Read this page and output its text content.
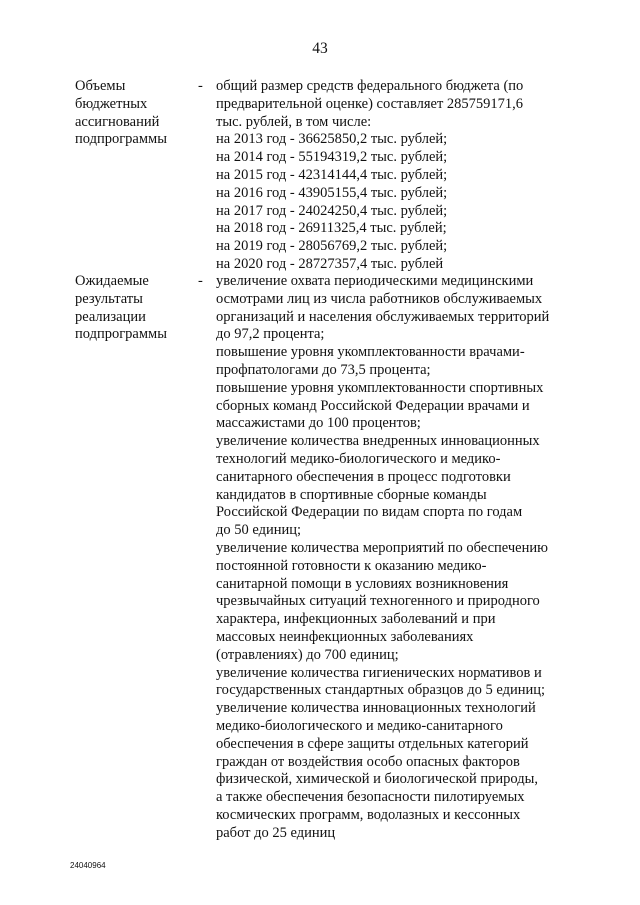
43
Объемы
бюджетных
ассигнований
подпрограммы
- общий размер средств федерального бюджета (по
предварительной оценке) составляет 285759171,6
тыс. рублей, в том числе:
на 2013 год - 36625850,2 тыс. рублей;
на 2014 год - 55194319,2 тыс. рублей;
на 2015 год - 42314144,4 тыс. рублей;
на 2016 год - 43905155,4 тыс. рублей;
на 2017 год - 24024250,4 тыс. рублей;
на 2018 год - 26911325,4 тыс. рублей;
на 2019 год - 28056769,2 тыс. рублей;
на 2020 год - 28727357,4 тыс. рублей
Ожидаемые
результаты
реализации
подпрограммы
- увеличение охвата периодическими медицинскими
осмотрами лиц из числа работников обслуживаемых
организаций и населения обслуживаемых территорий
до 97,2 процента;
повышение уровня укомплектованности врачами-
профпатологами до 73,5 процента;
повышение уровня укомплектованности спортивных
сборных команд Российской Федерации врачами и
массажистами до 100 процентов;
увеличение количества внедренных инновационных
технологий медико-биологического и медико-
санитарного обеспечения в процесс подготовки
кандидатов в спортивные сборные команды
Российской Федерации по видам спорта по годам
до 50 единиц;
увеличение количества мероприятий по обеспечению
постоянной готовности к оказанию медико-
санитарной помощи в условиях возникновения
чрезвычайных ситуаций техногенного и природного
характера, инфекционных заболеваний и при
массовых неинфекционных заболеваниях
(отравлениях) до 700 единиц;
увеличение количества гигиенических нормативов и
государственных стандартных образцов до 5 единиц;
увеличение количества инновационных технологий
медико-биологического и медико-санитарного
обеспечения в сфере защиты отдельных категорий
граждан от воздействия особо опасных факторов
физической, химической и биологической природы,
а также обеспечения безопасности пилотируемых
космических программ, водолазных и кессонных
работ до 25 единиц
24040964
